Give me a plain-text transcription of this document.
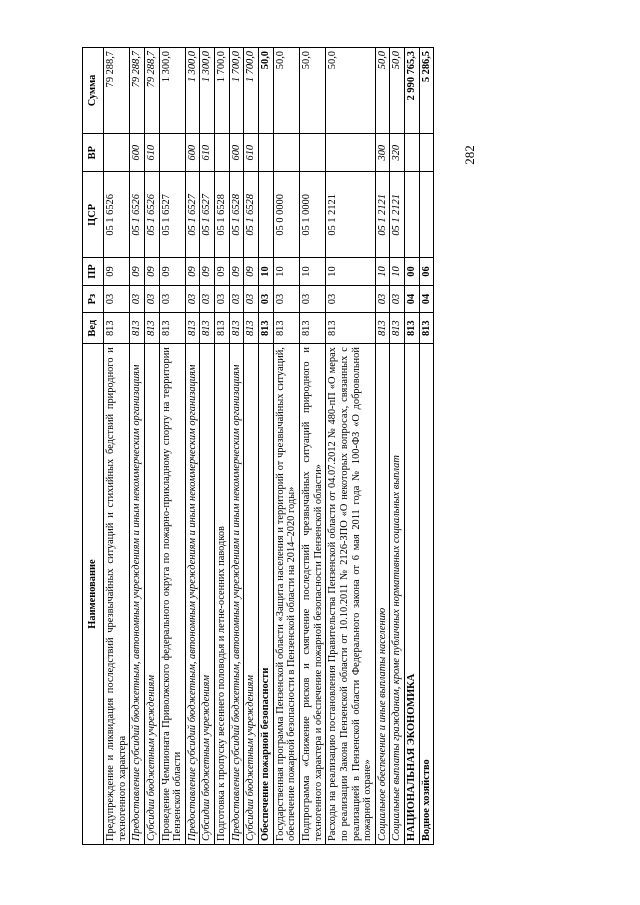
282
Наименование	Вед	Рз	ПР	ЦСР	ВР	Сумма
Предупреждение и ликвидация последствий чрезвычайных ситуаций и стихийных бедствий природного и техногенного характера	813	03	09	05 1 6526		79 288,7
Предоставление субсидий бюджетным, автономным учреждениям и иным некоммерческим организациям	813	03	09	05 1 6526	600	79 288,7
Субсидии бюджетным учреждениям	813	03	09	05 1 6526	610	79 288,7
Проведение Чемпионата Приволжского федерального округа по пожарно-прикладному спорту на территории Пензенской области	813	03	09	05 1 6527		1 300,0
Предоставление субсидий бюджетным, автономным учреждениям и иным некоммерческим организациям	813	03	09	05 1 6527	600	1 300,0
Субсидии бюджетным учреждениям	813	03	09	05 1 6527	610	1 300,0
Подготовка к пропуску весеннего половодья и летне-осенних паводков	813	03	09	05 1 6528		1 700,0
Предоставление субсидий бюджетным, автономным учреждениям и иным некоммерческим организациям	813	03	09	05 1 6528	600	1 700,0
Субсидии бюджетным учреждениям	813	03	09	05 1 6528	610	1 700,0
Обеспечение пожарной безопасности	813	03	10			50,0
Государственная программа Пензенской области «Защита населения и территорий от чрезвычайных ситуаций, обеспечение пожарной безопасности в Пензенской области на 2014–2020 годы»	813	03	10	05 0 0000		50,0
Подпрограмма «Снижение рисков и смягчение последствий чрезвычайных ситуаций природного и техногенного характера и обеспечение пожарной безопасности Пензенской области»	813	03	10	05 1 0000		50,0
Расходы на реализацию постановления Правительства Пензенской области от 04.07.2012 № 480-пП «О мерах по реализации Закона Пензенской области от 10.10.2011 № 2126-ЗПО «О некоторых вопросах, связанных с реализацией в Пензенской области Федерального закона от 6 мая 2011 года № 100-ФЗ «О добровольной пожарной охране»	813	03	10	05 1 2121		50,0
Социальное обеспечение и иные выплаты населению	813	03	10	05 1 2121	300	50,0
Социальные выплаты гражданам, кроме публичных нормативных социальных выплат	813	03	10	05 1 2121	320	50,0
НАЦИОНАЛЬНАЯ ЭКОНОМИКА	813	04	00			2 990 765,3
Водное хозяйство	813	04	06			5 286,5
